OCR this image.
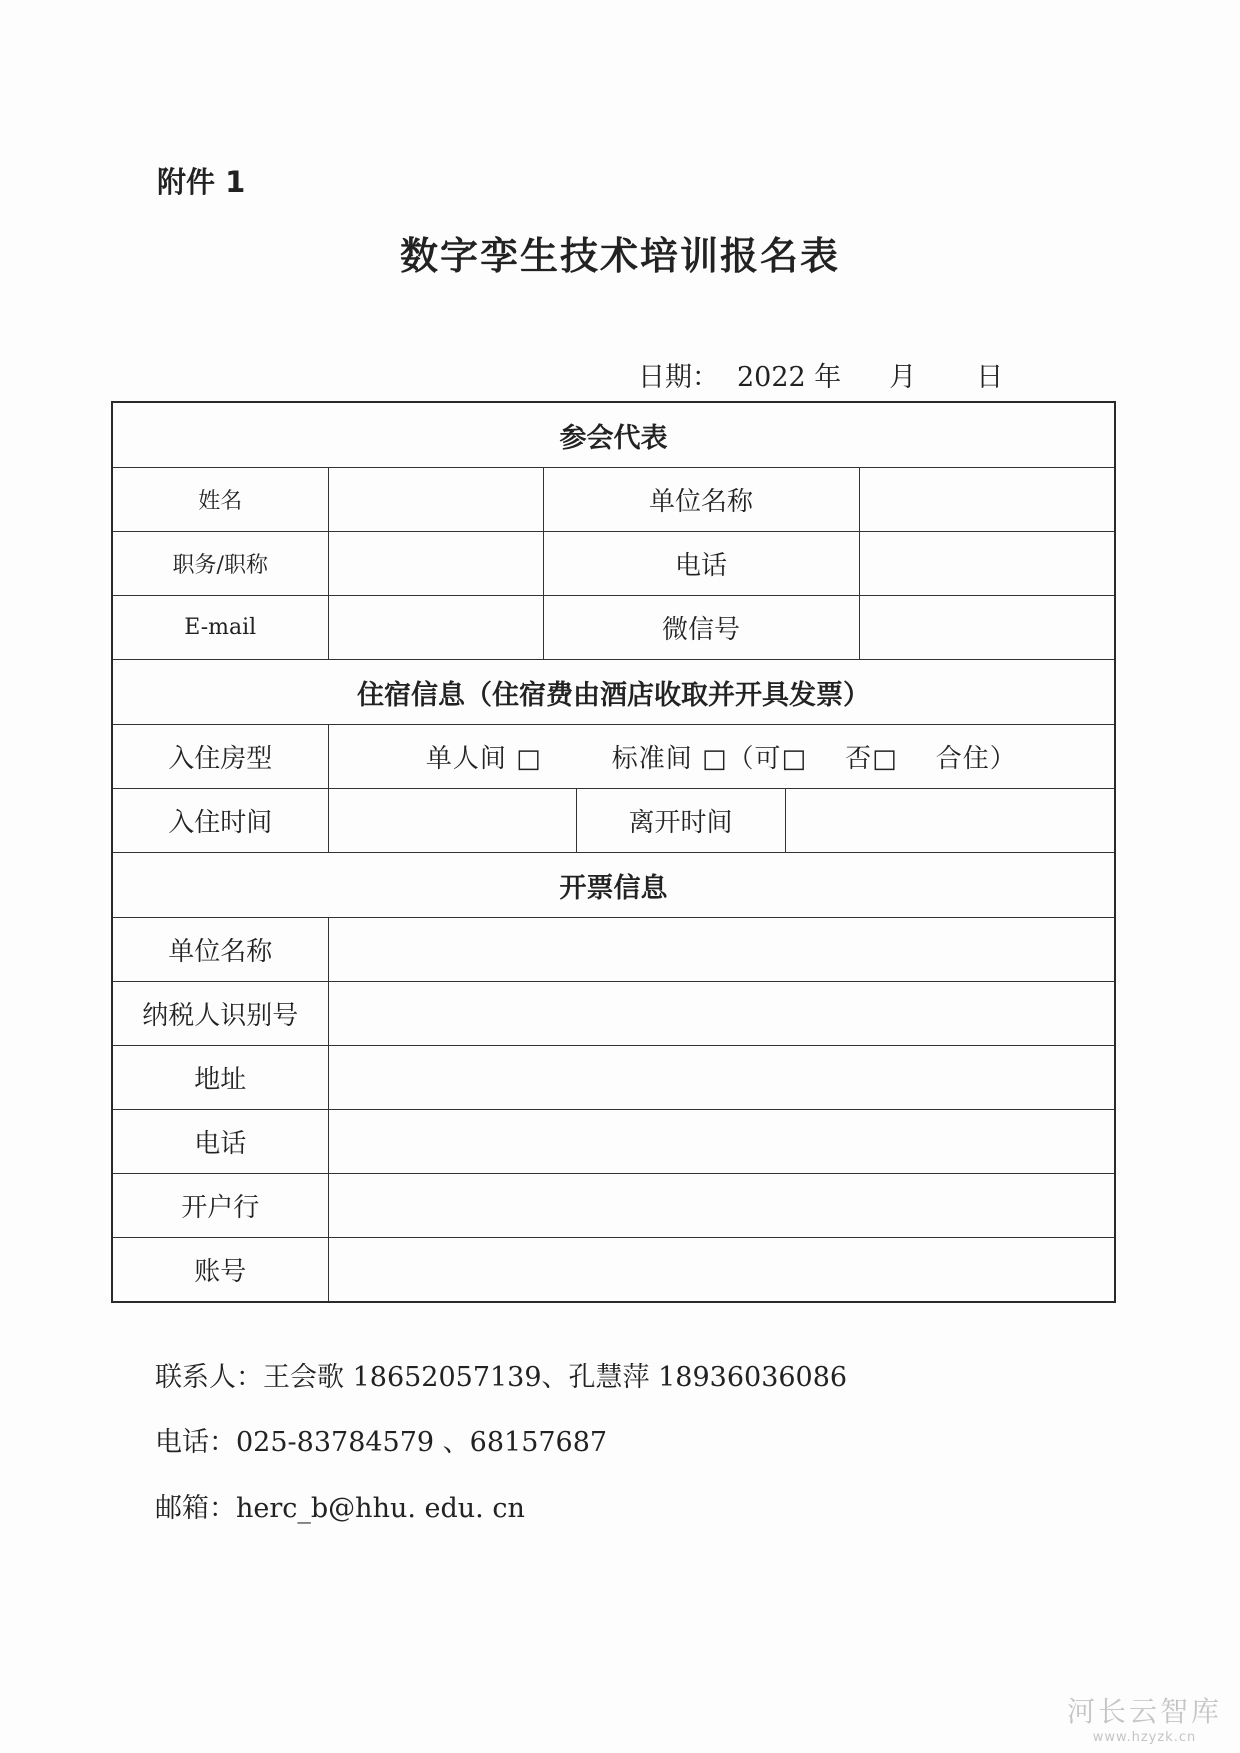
附件 1
数字孪生技术培训报名表
日期： 2022 年 月 日
参会代表					
姓名		单位名称			
职务/职称		电话			
E-mail		微信号			
住宿信息（住宿费由酒店收取并开具发票）					
入住房型	单人间 □ 标准间 □（可□ 否□ 合住）				
入住时间			离开时间		
开票信息					
单位名称					
纳税人识别号					
地址					
电话					
开户行					
账号					
联系人：王会歌 18652057139、孔慧萍 18936036086
电话：025-83784579 、68157687
邮箱：herc_b@hhu. edu. cn
河长云智库
www.hzyzk.cn
